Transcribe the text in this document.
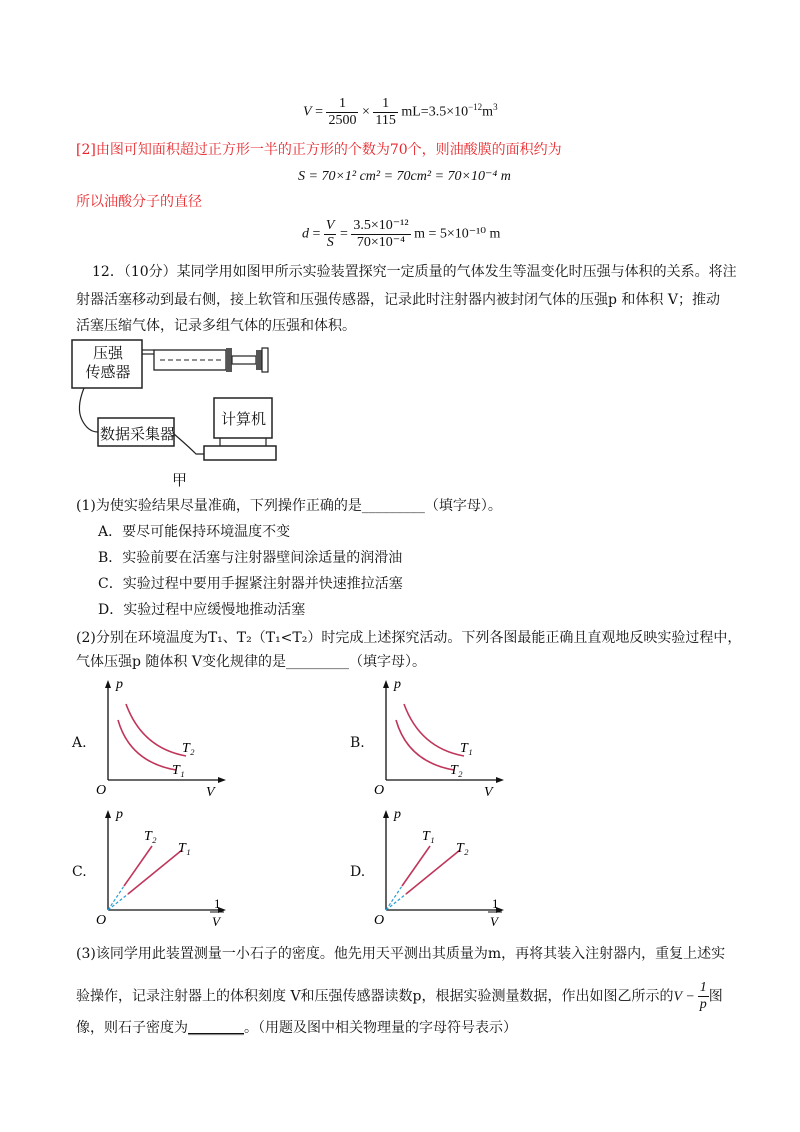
$V = \frac{1}{2500} \times \frac{1}{115} mL=3.5\times 10^{-12}m^3$
[2]由图可知面积超过正方形一半的正方形的个数为70个，则油酸膜的面积约为
S = 70×1² cm² = 70cm² = 70×10⁻⁴ m
所以油酸分子的直径
$d = \frac{V}{S} = \frac{\text{3.5×10⁻¹²}}{\text{70×10⁻⁴}}$ m = 5×10⁻¹⁰ m
12．（10分）某同学用如图甲所示实验装置探究一定质量的气体发生等温变化时压强与体积的关系。将注
射器活塞移动到最右侧，接上软管和压强传感器，记录此时注射器内被封闭气体的压强p 和体积 V；推动
活塞压缩气体，记录多组气体的压强和体积。
压强
传感器
数据采集器
计算机
甲
(1)为使实验结果尽量准确，下列操作正确的是_________（填字母）。
A．要尽可能保持环境温度不变
B．实验前要在活塞与注射器壁间涂适量的润滑油
C．实验过程中要用手握紧注射器并快速推拉活塞
D．实验过程中应缓慢地推动活塞
(2)分别在环境温度为T₁、T₂（T₁<T₂）时完成上述探究活动。下列各图最能正确且直观地反映实验过程中，
气体压强p 随体积 V变化规律的是_________（填字母）。
A.
p
V
O
T₂
T₁
B.
p
V
O
T₁
T₂
C.
p
O
T₂
T₁
1
V
D.
p
O
T₁
T₂
1
V
(3)该同学用此装置测量一小石子的密度。他先用天平测出其质量为m，再将其装入注射器内，重复上述实
验操作，记录注射器上的体积刻度 V和压强传感器读数p，根据实验测量数据，作出如图乙所示的$V - \frac{1}{p}$ 图
像，则石子密度为________。（用题及图中相关物理量的字母符号表示）
